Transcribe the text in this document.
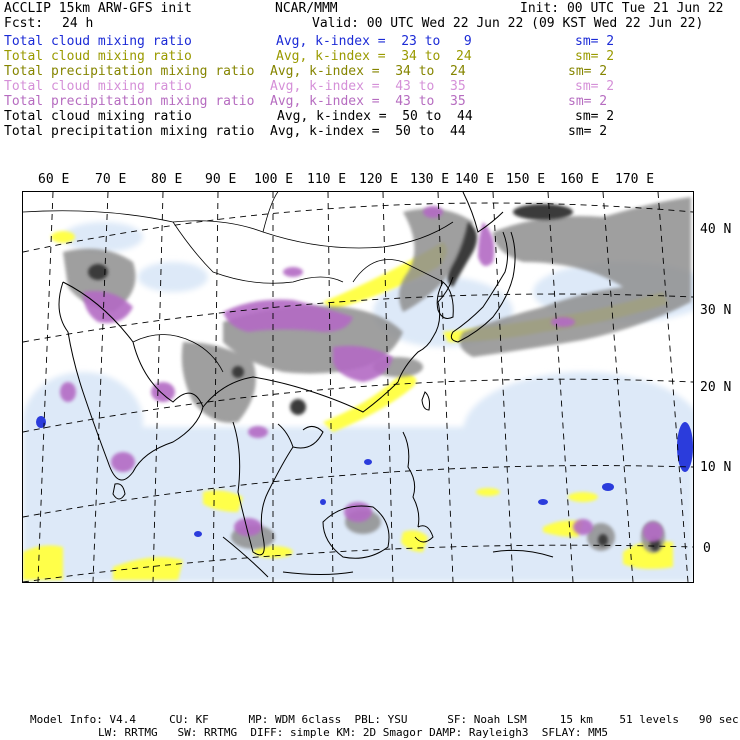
ACCLIP 15km ARW-GFS init	NCAR/MMM	Init: 00 UTC Tue 21 Jun 22
Fcst: 24 h	Valid: 00 UTC Wed 22 Jun 22 (09 KST Wed 22 Jun 22)
Total cloud mixing ratio	Avg, k-index =  23 to   9	sm= 2
Total cloud mixing ratio	Avg, k-index =  34 to  24	sm= 2
Total precipitation mixing ratio Avg, k-index =  34 to  24	sm= 2
Total cloud mixing ratio	Avg, k-index =  43 to  35	sm= 2
Total precipitation mixing ratio Avg, k-index =  43 to  35	sm= 2
Total cloud mixing ratio	Avg, k-index =  50 to  44	sm= 2
Total precipitation mixing ratio Avg, k-index =  50 to  44	sm= 2
60 E 70 E 80 E 90 E 100 E 110 E 120 E 130 E 140 E 150 E 160 E 170 E
40 N
30 N
20 N
10 N
0
Model Info: V4.4     CU: KF      MP: WDM 6class  PBL: YSU      SF: Noah LSM     15 km    51 levels   90 sec
LW: RRTMG   SW: RRTMG  DIFF: simple KM: 2D Smagor DAMP: Rayleigh3  SFLAY: MM5
